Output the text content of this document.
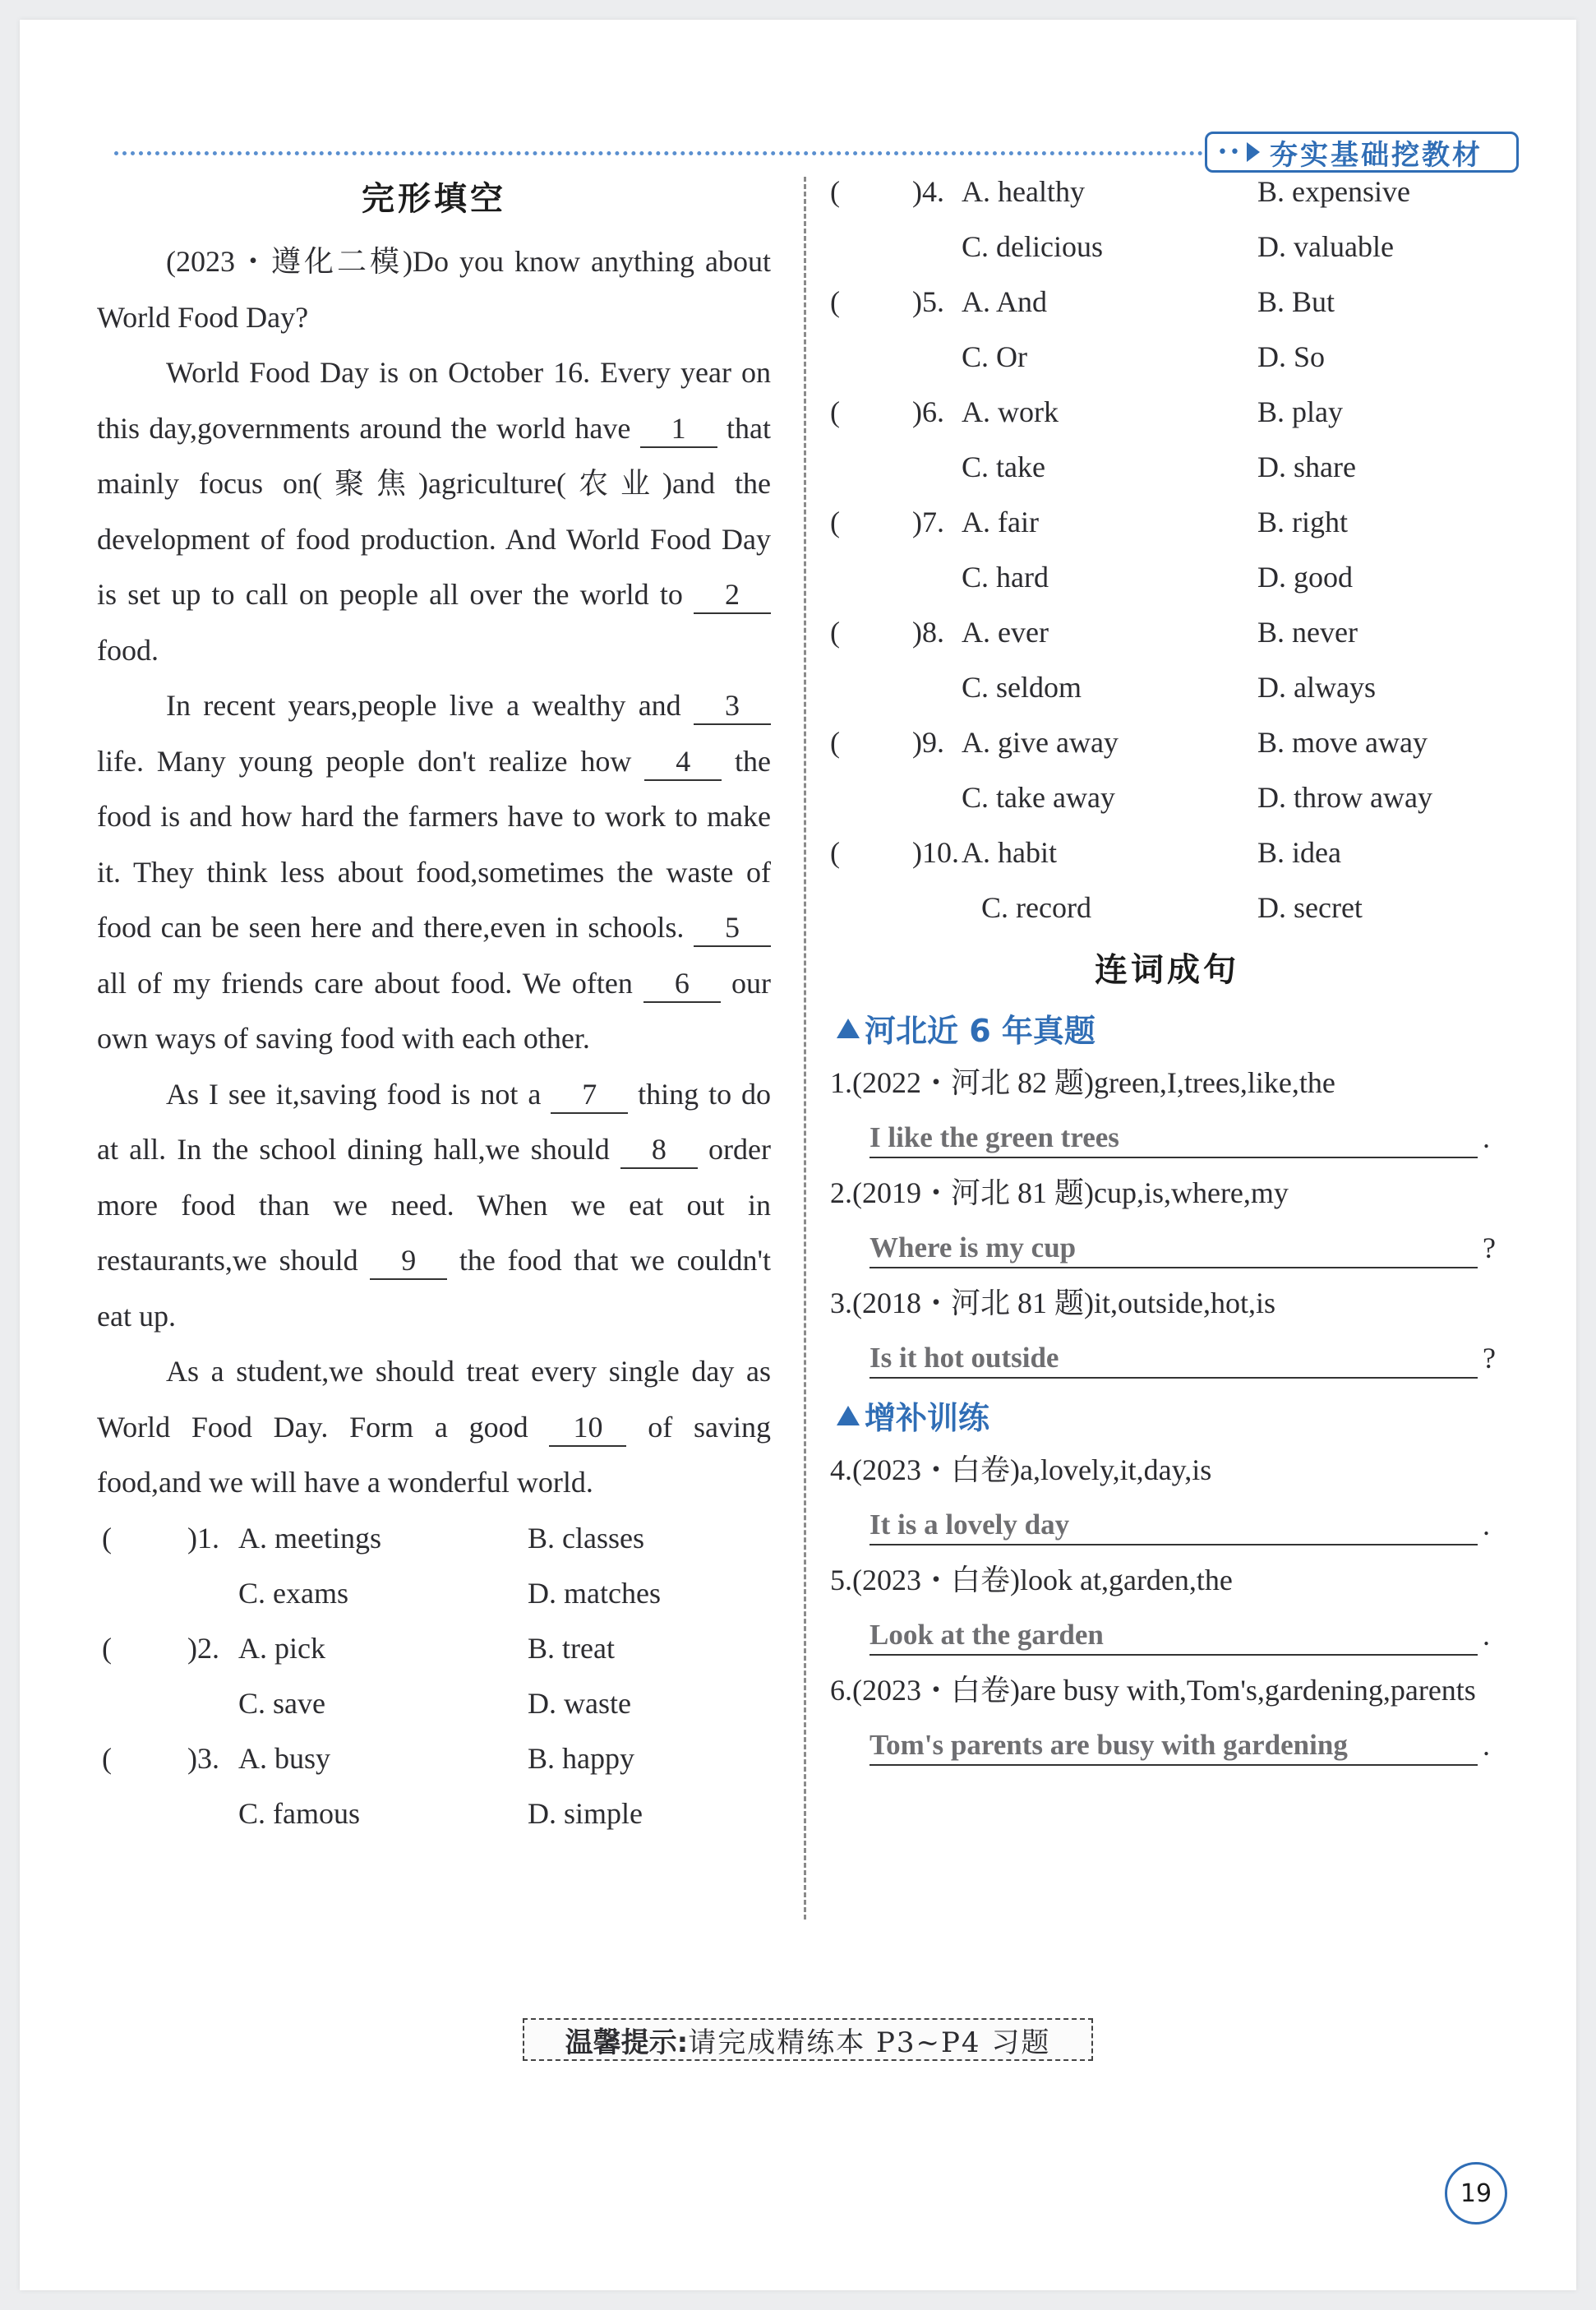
•• 夯实基础挖教材
完形填空

(2023・遵化二模)Do you know anything about World Food Day?

World Food Day is on October 16. Every year on this day,governments around the world have 1 that mainly focus on(聚焦)agriculture(农业)and the development of food production. And World Food Day is set up to call on people all over the world to 2 food.

In recent years,people live a wealthy and 3 life. Many young people don't realize how 4 the food is and how hard the farmers have to work to make it. They think less about food,sometimes the waste of food can be seen here and there,even in schools. 5 all of my friends care about food. We often 6 our own ways of saving food with each other.

As I see it,saving food is not a 7 thing to do at all. In the school dining hall,we should 8 order more food than we need. When we eat out in restaurants,we should 9 the food that we couldn't eat up.

As a student,we should treat every single day as World Food Day. Form a good 10 of saving food,and we will have a wonderful world.

(	)1. A. meetings	B. classes
C. exams	D. matches
(	)2. A. pick	B. treat
C. save	D. waste
(	)3. A. busy	B. happy
C. famous	D. simple
( )4. A. healthy	B. expensive
C. delicious	D. valuable
( )5. A. And	B. But
C. Or	D. So
( )6. A. work	B. play
C. take	D. share
( )7. A. fair	B. right
C. hard	D. good
( )8. A. ever	B. never
C. seldom	D. always
( )9. A. give away	B. move away
C. take away	D. throw away
( )10. A. habit	B. idea
C. record	D. secret
连词成句
河北近 6 年真题
1.(2022・河北 82 题)green,I,trees,like,the
I like the green trees	.
2.(2019・河北 81 题)cup,is,where,my
Where is my cup	?
3.(2018・河北 81 题)it,outside,hot,is
Is it hot outside	?
增补训练
4.(2023・白卷)a,lovely,it,day,is
It is a lovely day	.
5.(2023・白卷)look at,garden,the
Look at the garden	.
6.(2023・白卷)are busy with,Tom's,gardening,parents
Tom's parents are busy with gardening	.
温馨提示: 请完成精练本 P3~P4 习题
19
